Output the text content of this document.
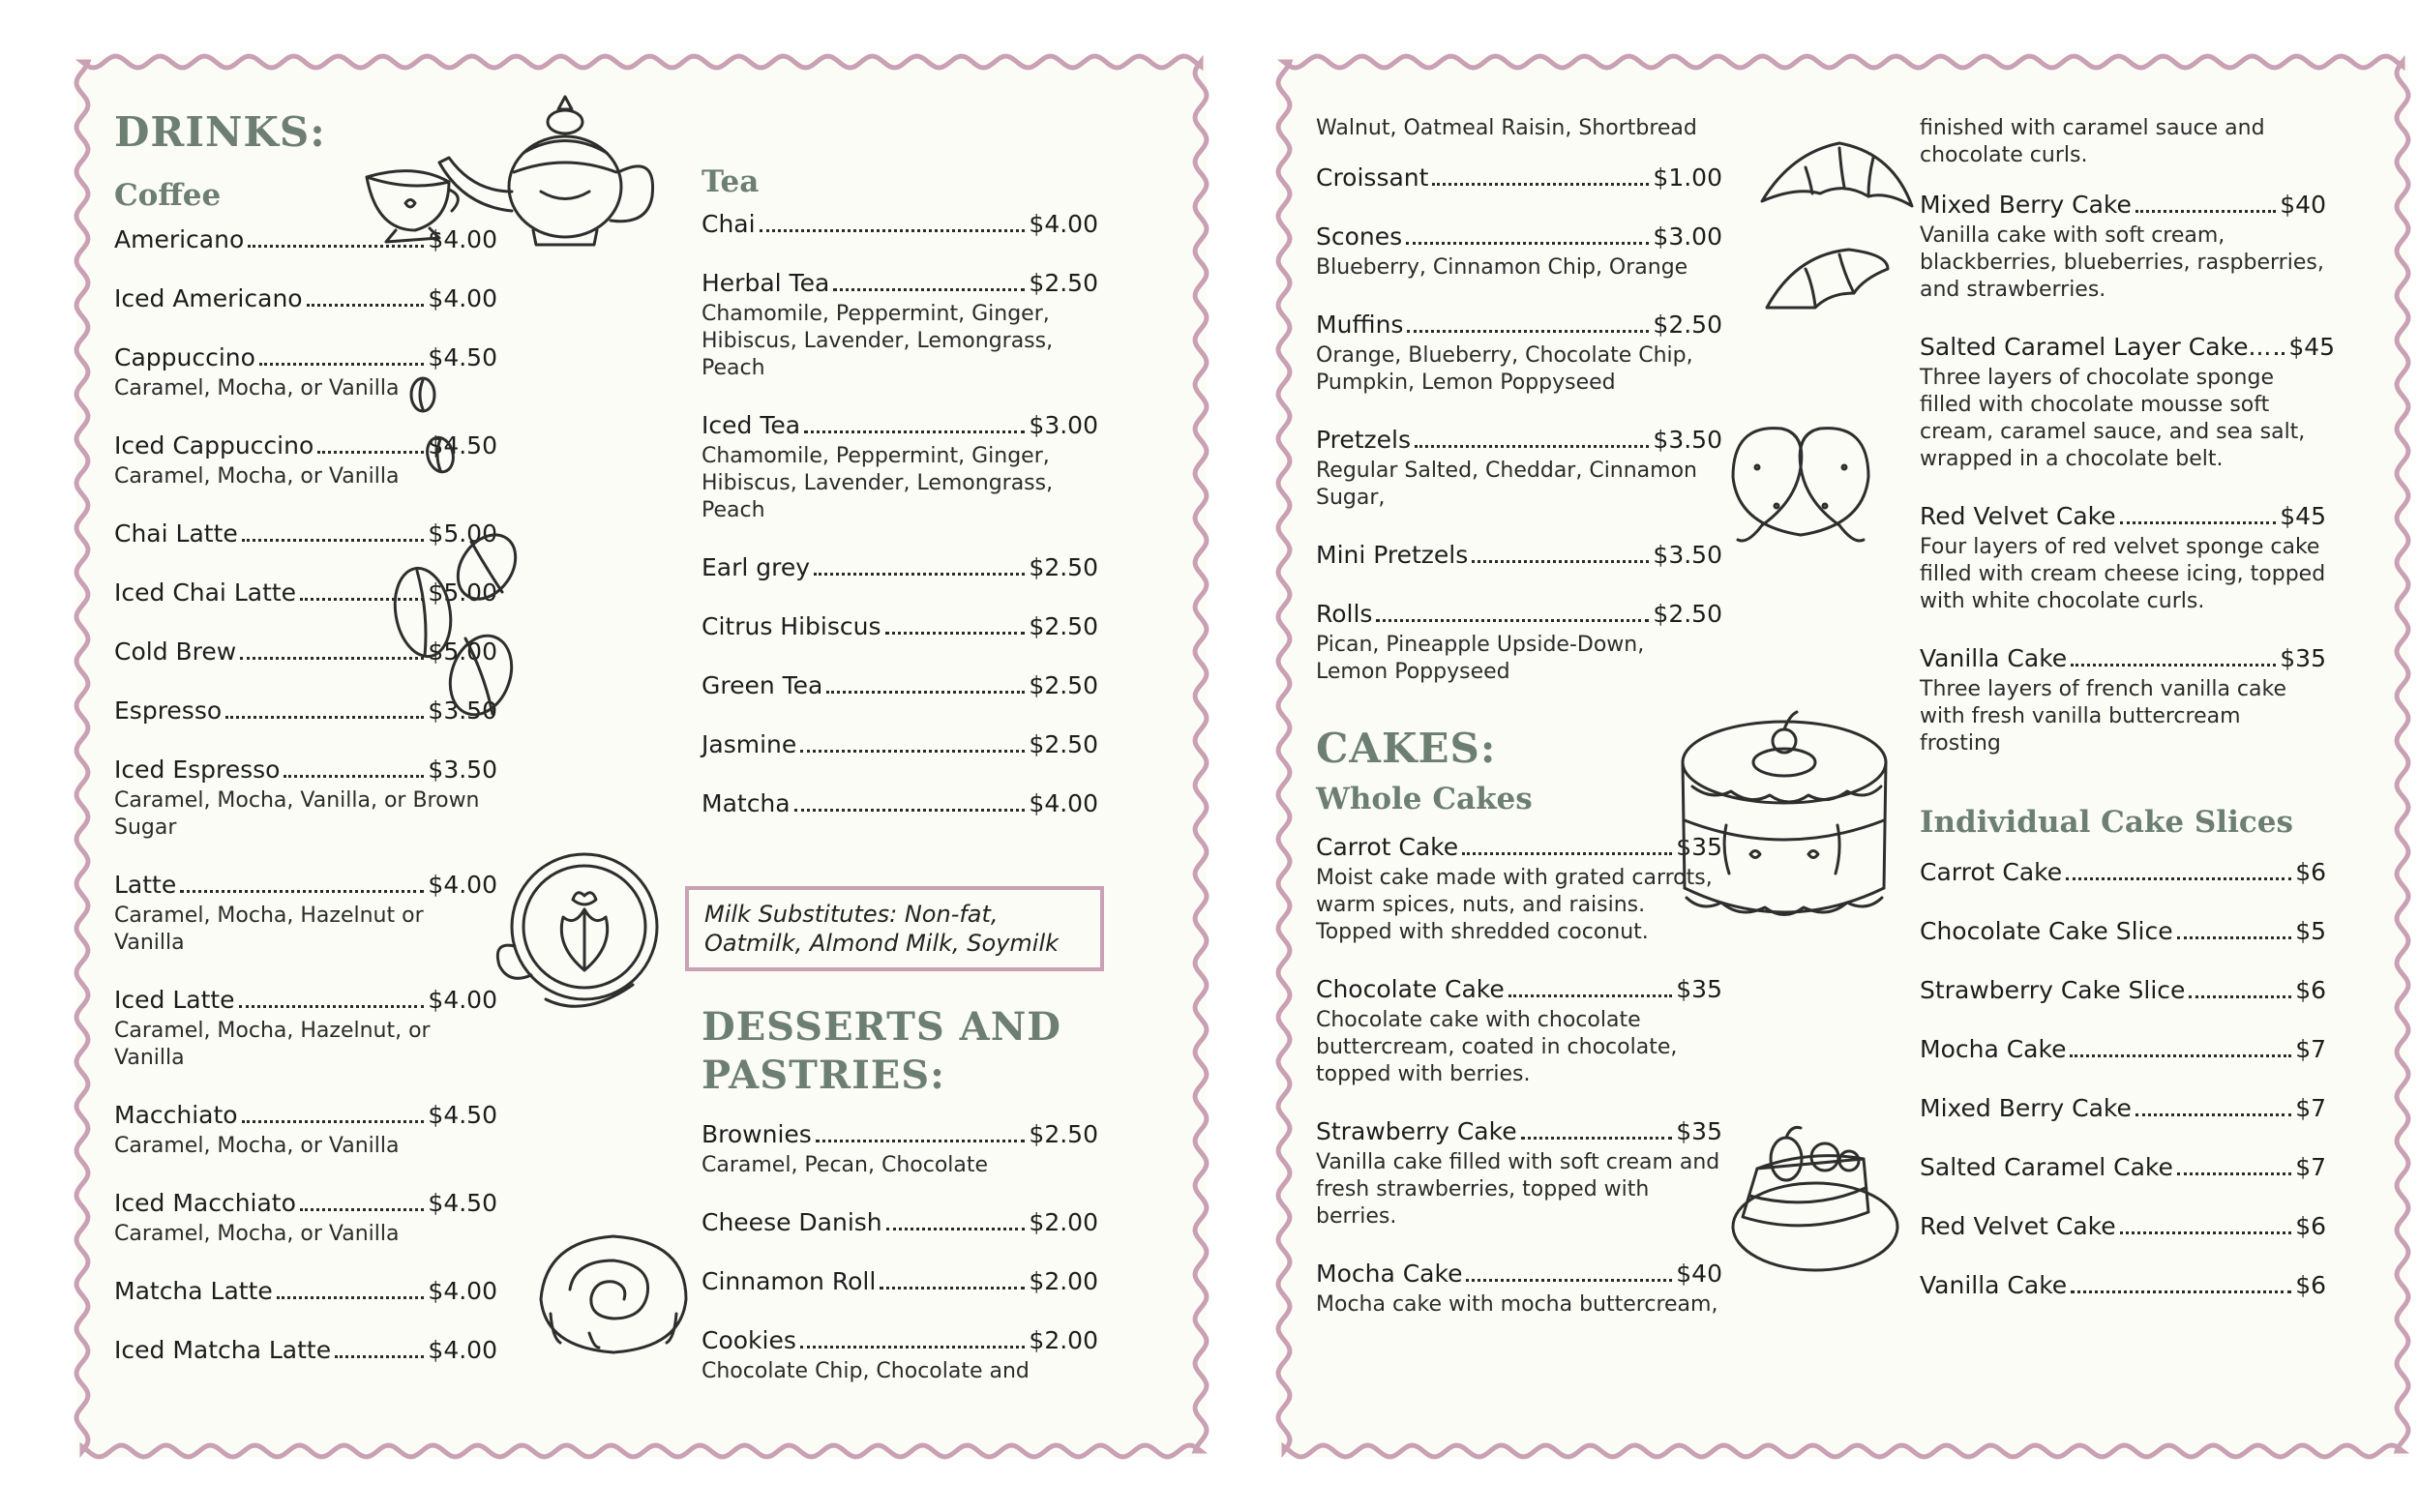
DRINKS:
Coffee
Americano	$4.00
Iced Americano	$4.00
Cappuccino	$4.50
Caramel, Mocha, or Vanilla
Iced Cappuccino	$4.50
Caramel, Mocha, or Vanilla
Chai Latte	$5.00
Iced Chai Latte	$5.00
Cold Brew	$5.00
Espresso	$3.50
Iced Espresso	$3.50
Caramel, Mocha, Vanilla, or Brown Sugar
Latte	$4.00
Caramel, Mocha, Hazelnut or Vanilla
Iced Latte	$4.00
Caramel, Mocha, Hazelnut, or Vanilla
Macchiato	$4.50
Caramel, Mocha, or Vanilla
Iced Macchiato	$4.50
Caramel, Mocha, or Vanilla
Matcha Latte	$4.00
Iced Matcha Latte	$4.00
Tea
Chai	$4.00
Herbal Tea	$2.50
Chamomile, Peppermint, Ginger, Hibiscus, Lavender, Lemongrass, Peach
Iced Tea	$3.00
Chamomile, Peppermint, Ginger, Hibiscus, Lavender, Lemongrass, Peach
Earl grey	$2.50
Citrus Hibiscus	$2.50
Green Tea	$2.50
Jasmine	$2.50
Matcha	$4.00
Milk Substitutes: Non-fat, Oatmilk, Almond Milk, Soymilk
DESSERTS AND PASTRIES:
Brownies	$2.50
Caramel, Pecan, Chocolate
Cheese Danish	$2.00
Cinnamon Roll	$2.00
Cookies	$2.00
Chocolate Chip, Chocolate and
Walnut, Oatmeal Raisin, Shortbread
Croissant	$1.00
Scones	$3.00
Blueberry, Cinnamon Chip, Orange
Muffins	$2.50
Orange, Blueberry, Chocolate Chip, Pumpkin, Lemon Poppyseed
Pretzels	$3.50
Regular Salted, Cheddar, Cinnamon Sugar,
Mini Pretzels	$3.50
Rolls	$2.50
Pican, Pineapple Upside-Down, Lemon Poppyseed
CAKES:
Whole Cakes
Carrot Cake	$35
Moist cake made with grated carrots, warm spices, nuts, and raisins. Topped with shredded coconut.
Chocolate Cake	$35
Chocolate cake with chocolate buttercream, coated in chocolate, topped with berries.
Strawberry Cake	$35
Vanilla cake filled with soft cream and fresh strawberries, topped with berries.
Mocha Cake	$40
Mocha cake with mocha buttercream,
finished with caramel sauce and chocolate curls.
Mixed Berry Cake	$40
Vanilla cake with soft cream, blackberries, blueberries, raspberries, and strawberries.
Salted Caramel Layer Cake... $45
Three layers of chocolate sponge filled with chocolate mousse soft cream, caramel sauce, and sea salt, wrapped in a chocolate belt.
Red Velvet Cake	$45
Four layers of red velvet sponge cake filled with cream cheese icing, topped with white chocolate curls.
Vanilla Cake	$35
Three layers of french vanilla cake with fresh vanilla buttercream frosting
Individual Cake Slices
Carrot Cake	$6
Chocolate Cake Slice	$5
Strawberry Cake Slice	$6
Mocha Cake	$7
Mixed Berry Cake	$7
Salted Caramel Cake	$7
Red Velvet Cake	$6
Vanilla Cake	$6
